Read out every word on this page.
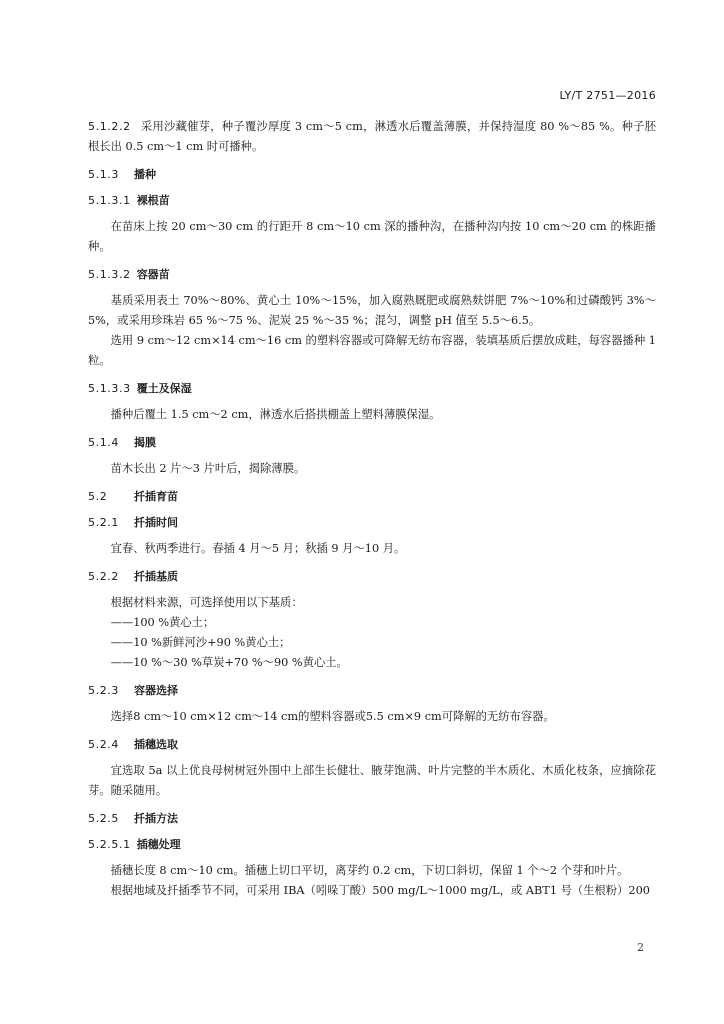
LY/T 2751—2016

5.1.2.2 采用沙藏催芽，种子覆沙厚度 3 cm～5 cm，淋透水后覆盖薄膜，并保持湿度 80 %～85 %。种子胚根长出 0.5 cm～1 cm 时可播种。

5.1.3 播种

5.1.3.1 裸根苗

在苗床上按 20 cm～30 cm 的行距开 8 cm～10 cm 深的播种沟，在播种沟内按 10 cm～20 cm 的株距播种。

5.1.3.2 容器苗

基质采用表土 70%～80%、黄心土 10%～15%，加入腐熟厩肥或腐熟麸饼肥 7%～10%和过磷酸钙 3%～5%，或采用珍珠岩 65 %～75 %、泥炭 25 %～35 %；混匀，调整 pH 值至 5.5～6.5。

选用 9 cm～12 cm×14 cm～16 cm 的塑料容器或可降解无纺布容器，装填基质后摆放成畦，每容器播种 1 粒。

5.1.3.3 覆土及保湿

播种后覆土 1.5 cm～2 cm，淋透水后搭拱棚盖上塑料薄膜保湿。

5.1.4 揭膜

苗木长出 2 片～3 片叶后，揭除薄膜。

5.2 扦插育苗

5.2.1 扦插时间

宜春、秋两季进行。春插 4 月～5 月；秋插 9 月～10 月。

5.2.2 扦插基质

根据材料来源，可选择使用以下基质：

——100 %黄心土；

——10 %新鲜河沙+90 %黄心土；

——10 %～30 %草炭+70 %～90 %黄心土。

5.2.3 容器选择

选择8 cm～10 cm×12 cm～14 cm的塑料容器或5.5 cm×9 cm可降解的无纺布容器。

5.2.4 插穗选取

宜选取 5a 以上优良母树树冠外围中上部生长健壮、腋芽饱满、叶片完整的半木质化、木质化枝条，应摘除花芽。随采随用。

5.2.5 扦插方法

5.2.5.1 插穗处理

插穗长度 8 cm～10 cm。插穗上切口平切，离芽约 0.2 cm，下切口斜切，保留 1 个～2 个芽和叶片。

根据地域及扦插季节不同，可采用 IBA（吲哚丁酸）500 mg/L～1000 mg/L，或 ABT1 号（生根粉）200

2
